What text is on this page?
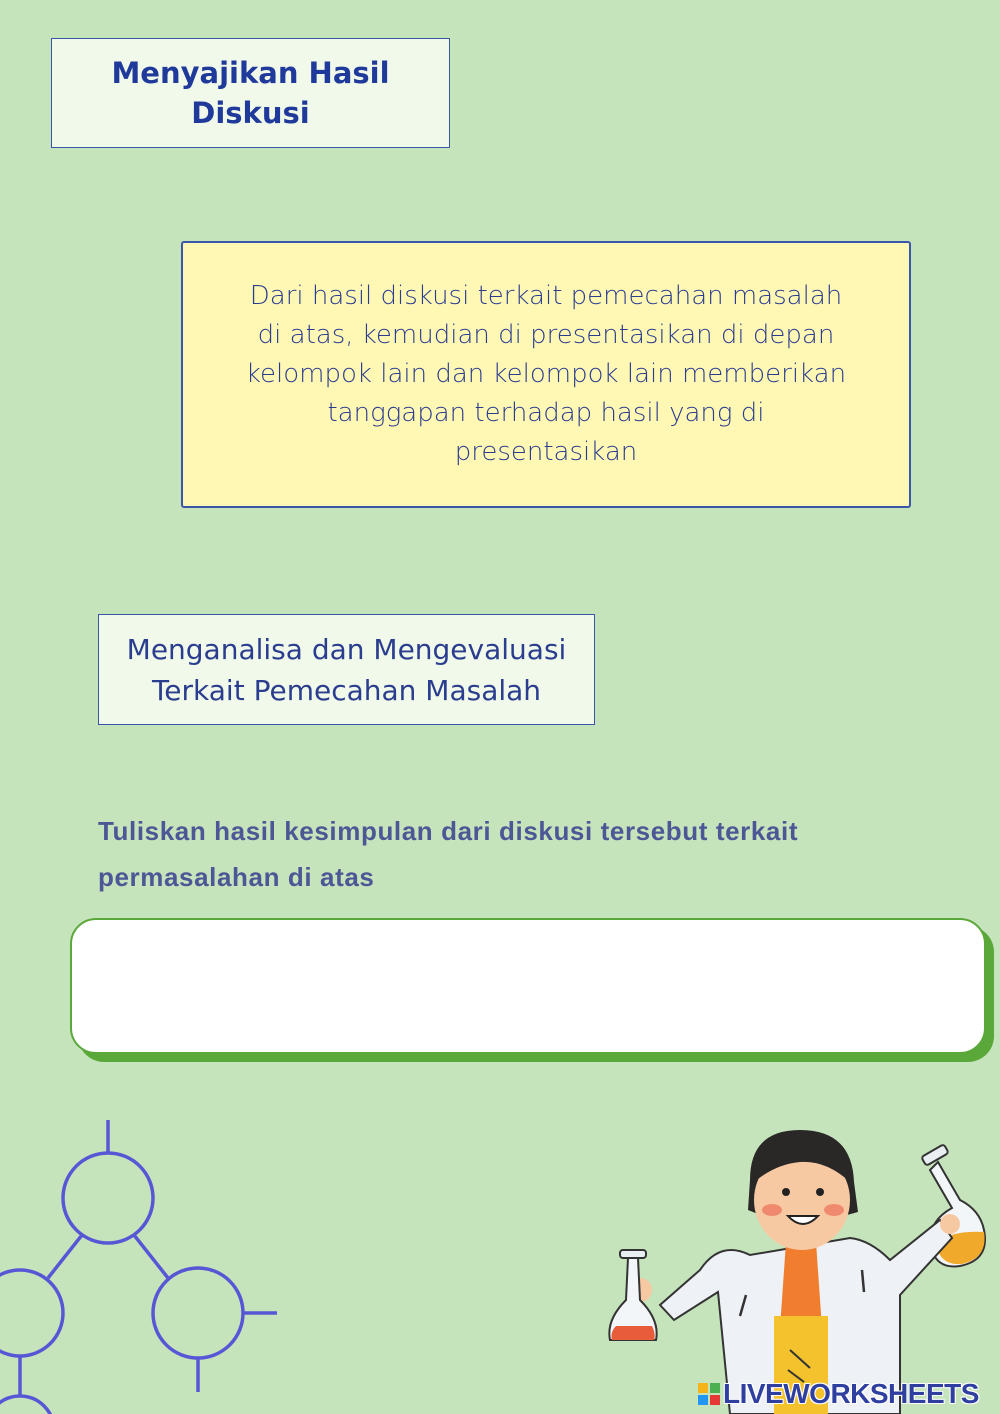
Menyajikan Hasil Diskusi
Dari hasil diskusi terkait pemecahan masalah di atas, kemudian di presentasikan di depan kelompok lain dan kelompok lain memberikan tanggapan terhadap hasil yang di presentasikan
Menganalisa dan Mengevaluasi Terkait Pemecahan Masalah
Tuliskan hasil kesimpulan dari diskusi tersebut terkait permasalahan di atas
LIVEWORKSHEETS
